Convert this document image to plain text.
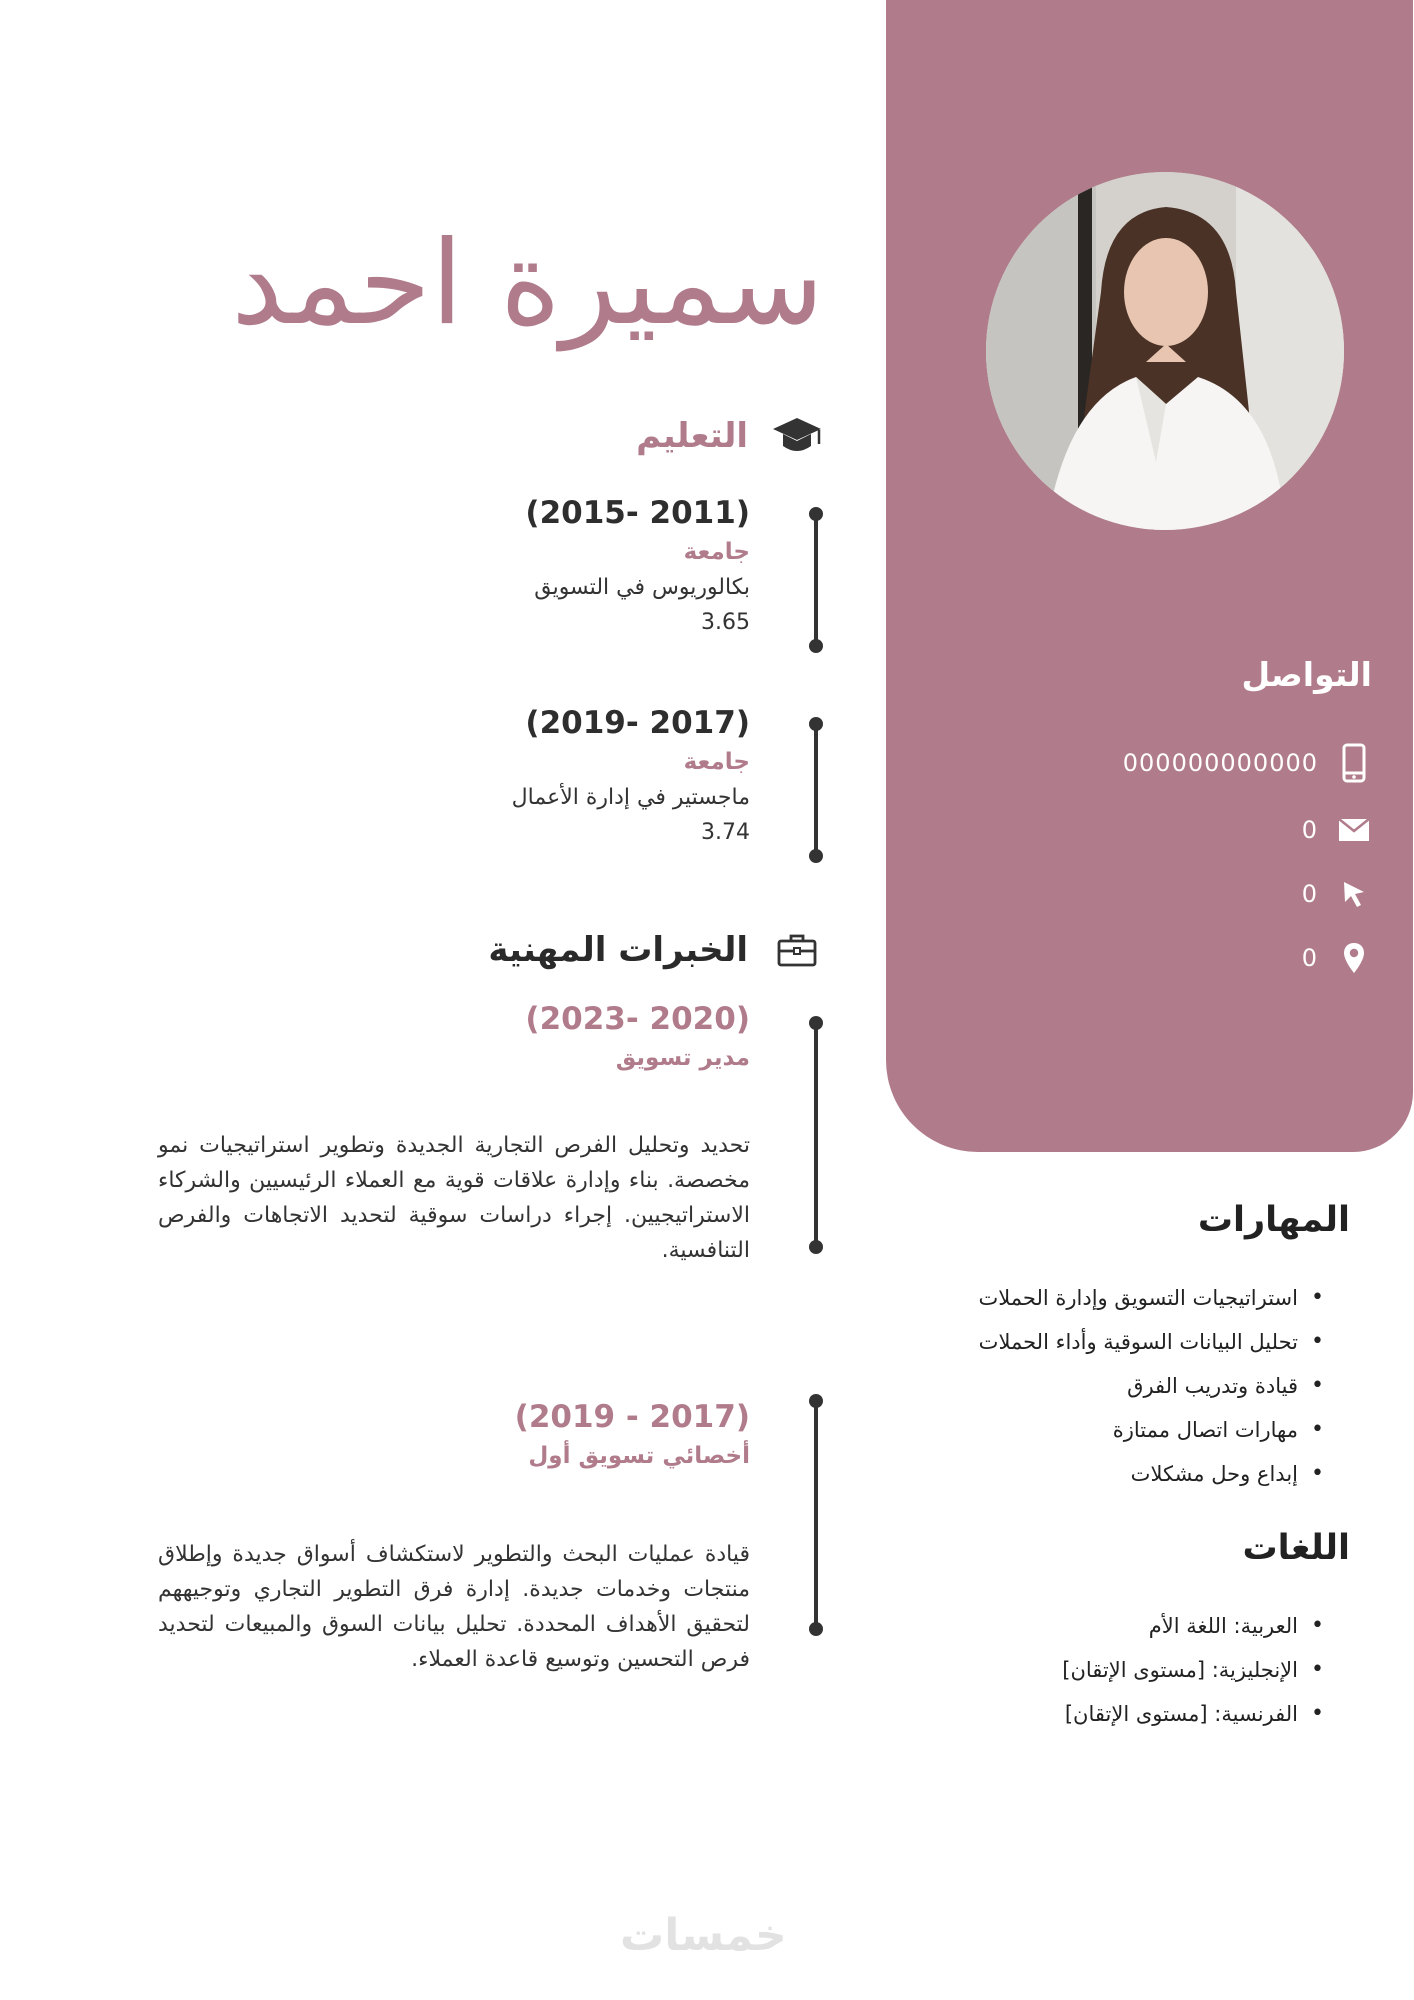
التواصل
000000000000
0
0
0
سميرة احمد
التعليم
(2011 -2015)
جامعة
بكالوريوس في التسويق
3.65
(2017 -2019)
جامعة
ماجستير في إدارة الأعمال
3.74
الخبرات المهنية
(2020 -2023)
مدير تسويق
تحديد وتحليل الفرص التجارية الجديدة وتطوير استراتيجيات نمو مخصصة. بناء وإدارة علاقات قوية مع العملاء الرئيسيين والشركاء الاستراتيجيين. إجراء دراسات سوقية لتحديد الاتجاهات والفرص التنافسية.
(2017 - 2019)
أخصائي تسويق أول
قيادة عمليات البحث والتطوير لاستكشاف أسواق جديدة وإطلاق منتجات وخدمات جديدة. إدارة فرق التطوير التجاري وتوجيههم لتحقيق الأهداف المحددة. تحليل بيانات السوق والمبيعات لتحديد فرص التحسين وتوسيع قاعدة العملاء.
المهارات
• استراتيجيات التسويق وإدارة الحملات
• تحليل البيانات السوقية وأداء الحملات
• قيادة وتدريب الفرق
• مهارات اتصال ممتازة
• إبداع وحل مشكلات
اللغات
• العربية: اللغة الأم
• الإنجليزية: [مستوى الإتقان]
• الفرنسية: [مستوى الإتقان]
خمسات
